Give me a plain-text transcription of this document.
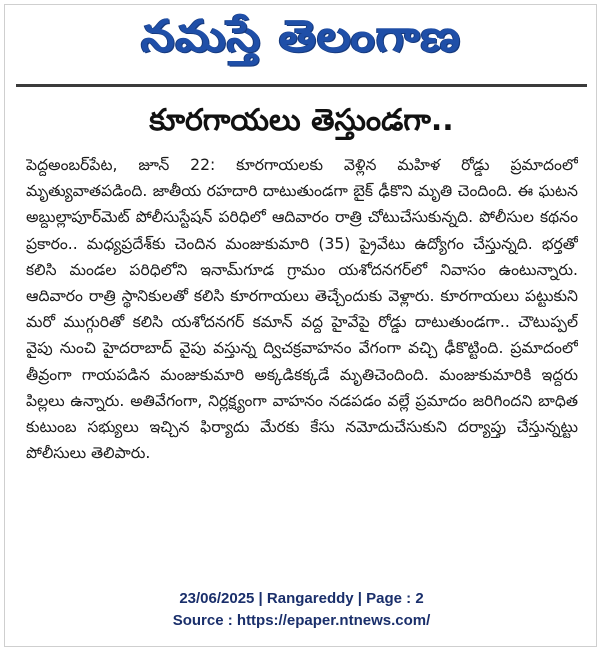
నమస్తే తెలంగాణ
కూరగాయలు తెస్తుండగా..

పెద్దఅంబర్‌పేట, జూన్ 22: కూరగాయలకు వెళ్లిన మహిళ రోడ్డు ప్రమాదంలో మృత్యువాతపడింది. జాతీయ రహదారి దాటుతుండగా బైక్ ఢీకొని మృతి చెందింది. ఈ ఘటన అబ్దుల్లాపూర్‌మెట్ పోలీసుస్టేషన్ పరిధిలో ఆదివారం రాత్రి చోటుచేసుకున్నది. పోలీసుల కథనం ప్రకారం.. మధ్యప్రదేశ్‌కు చెందిన మంజుకుమారి (35) ప్రైవేటు ఉద్యోగం చేస్తున్నది. భర్తతో కలిసి మండల పరిధిలోని ఇనామ్‌గూడ గ్రామం యశోదనగర్‌లో నివాసం ఉంటున్నారు. ఆదివారం రాత్రి స్థానికులతో కలిసి కూరగాయలు తెచ్చేందుకు వెళ్లారు. కూరగాయలు పట్టుకుని మరో ముగ్గురితో కలిసి యశోదనగర్ కమాన్ వద్ద హైవేపై రోడ్డు దాటుతుండగా.. చౌటుప్పల్ వైపు నుంచి హైదరాబాద్ వైపు వస్తున్న ద్విచక్రవాహనం వేగంగా వచ్చి ఢీకొట్టింది. ప్రమాదంలో తీవ్రంగా గాయపడిన మంజుకుమారి అక్కడికక్కడే మృతిచెందింది. మంజుకుమారికి ఇద్దరు పిల్లలు ఉన్నారు. అతివేగంగా, నిర్లక్ష్యంగా వాహనం నడపడం వల్లే ప్రమాదం జరిగిందని బాధిత కుటుంబ సభ్యులు ఇచ్చిన ఫిర్యాదు మేరకు కేసు నమోదుచేసుకుని దర్యాప్తు చేస్తున్నట్టు పోలీసులు తెలిపారు.

23/06/2025 | Rangareddy | Page : 2
Source : https://epaper.ntnews.com/
